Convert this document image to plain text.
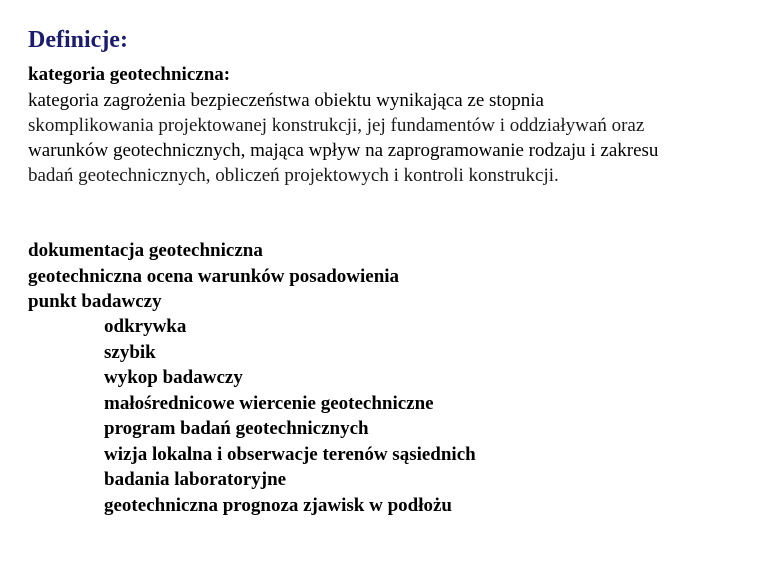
Definicje:
kategoria geotechniczna:
kategoria zagrożenia bezpieczeństwa obiektu wynikająca ze stopnia
skomplikowania projektowanej konstrukcji, jej fundamentów i oddziaływań oraz
warunków geotechnicznych, mająca wpływ na zaprogramowanie rodzaju i zakresu
badań geotechnicznych, obliczeń projektowych i kontroli konstrukcji.
dokumentacja geotechniczna
geotechniczna ocena warunków posadowienia
punkt badawczy
odkrywka
szybik
wykop badawczy
małośrednicowe wiercenie geotechniczne
program badań geotechnicznych
wizja lokalna i obserwacje terenów sąsiednich
badania laboratoryjne
geotechniczna prognoza zjawisk w podłożu
